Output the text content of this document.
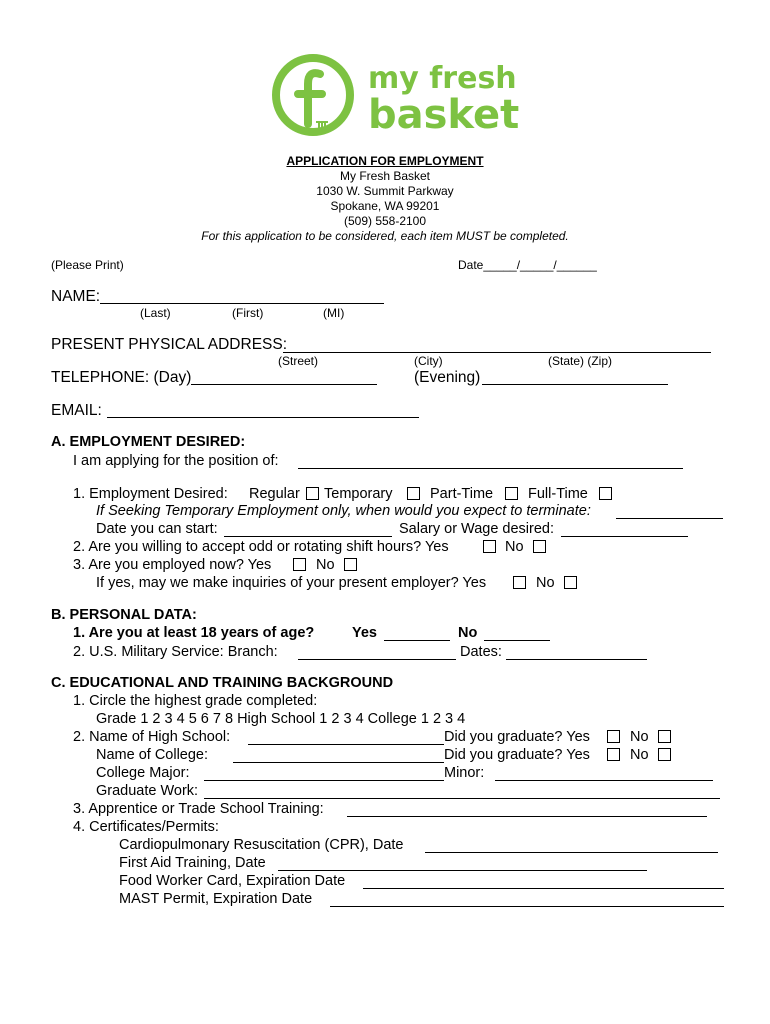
my fresh
basket
APPLICATION FOR EMPLOYMENT
My Fresh Basket
1030 W. Summit Parkway
Spokane, WA 99201
(509) 558-2100
For this application to be considered, each item MUST be completed.
(Please Print)	Date_____/_____/______
NAME:
(Last)	(First)	(MI)
PRESENT PHYSICAL ADDRESS:
(Street)	(City)	(State) (Zip)
TELEPHONE: (Day)	(Evening)
EMAIL:
A. EMPLOYMENT DESIRED:
I am applying for the position of:
1. Employment Desired: Regular Temporary	Part-Time Full-Time
If Seeking Temporary Employment only, when would you expect to terminate:
Date you can start:	Salary or Wage desired:
2. Are you willing to accept odd or rotating shift hours? Yes	No
3. Are you employed now? Yes	No
If yes, may we make inquiries of your present employer? Yes	No
B. PERSONAL DATA:
1. Are you at least 18 years of age?	Yes	No
2. U.S. Military Service: Branch:	Dates:
C. EDUCATIONAL AND TRAINING BACKGROUND
1. Circle the highest grade completed:
Grade 1 2 3 4 5 6 7 8 High School 1 2 3 4 College 1 2 3 4
2. Name of High School:	Did you graduate? Yes	No
Name of College:	Did you graduate? Yes	No
College Major:	Minor:
Graduate Work:
3. Apprentice or Trade School Training:
4. Certificates/Permits:
Cardiopulmonary Resuscitation (CPR), Date
First Aid Training, Date
Food Worker Card, Expiration Date
MAST Permit, Expiration Date
